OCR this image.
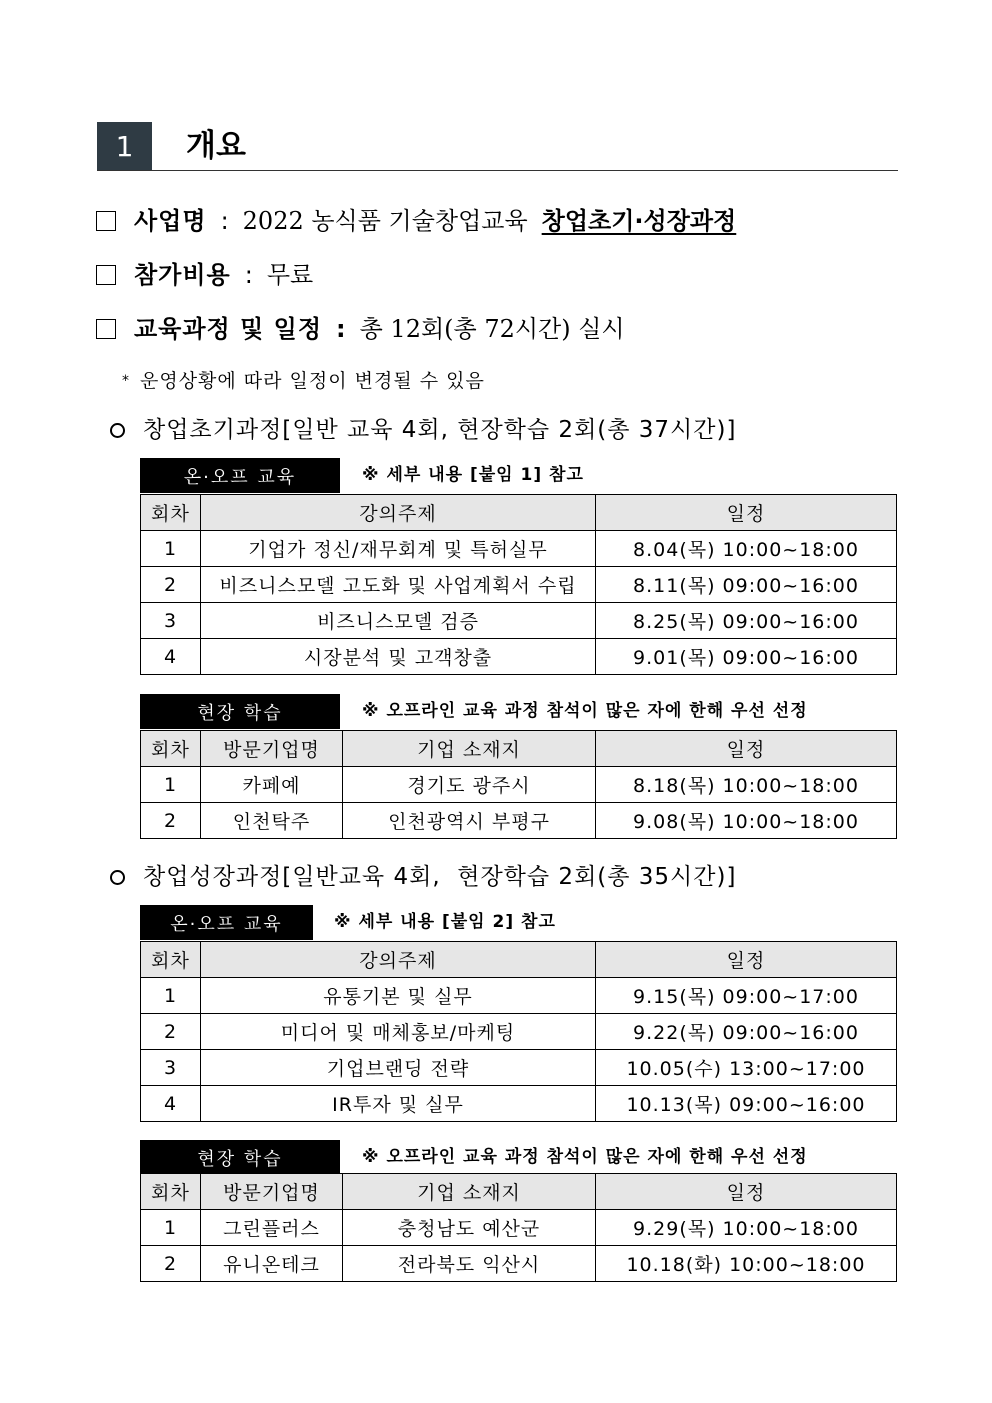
1	개요
사업명 : 2022 농식품 기술창업교육 창업초기·성장과정
참가비용 : 무료
교육과정 및 일정 : 총 12회(총 72시간) 실시
* 운영상황에 따라 일정이 변경될 수 있음
창업초기과정[일반 교육 4회, 현장학습 2회(총 37시간)]
온·오프 교육	※ 세부 내용 [붙임 1] 참고
회차	강의주제	일정
1	기업가 정신/재무회계 및 특허실무	8.04(목) 10:00~18:00
2	비즈니스모델 고도화 및 사업계획서 수립	8.11(목) 09:00~16:00
3	비즈니스모델 검증	8.25(목) 09:00~16:00
4	시장분석 및 고객창출	9.01(목) 09:00~16:00
현장 학습	※ 오프라인 교육 과정 참석이 많은 자에 한해 우선 선정
회차	방문기업명	기업 소재지	일정
1	카페예	경기도 광주시	8.18(목) 10:00~18:00
2	인천탁주	인천광역시 부평구	9.08(목) 10:00~18:00
창업성장과정[일반교육 4회,  현장학습 2회(총 35시간)]
온·오프 교육	※ 세부 내용 [붙임 2] 참고
회차	강의주제	일정
1	유통기본 및 실무	9.15(목) 09:00~17:00
2	미디어 및 매체홍보/마케팅	9.22(목) 09:00~16:00
3	기업브랜딩 전략	10.05(수) 13:00~17:00
4	IR투자 및 실무	10.13(목) 09:00~16:00
현장 학습	※ 오프라인 교육 과정 참석이 많은 자에 한해 우선 선정
회차	방문기업명	기업 소재지	일정
1	그린플러스	충청남도 예산군	9.29(목) 10:00~18:00
2	유니온테크	전라북도 익산시	10.18(화) 10:00~18:00
